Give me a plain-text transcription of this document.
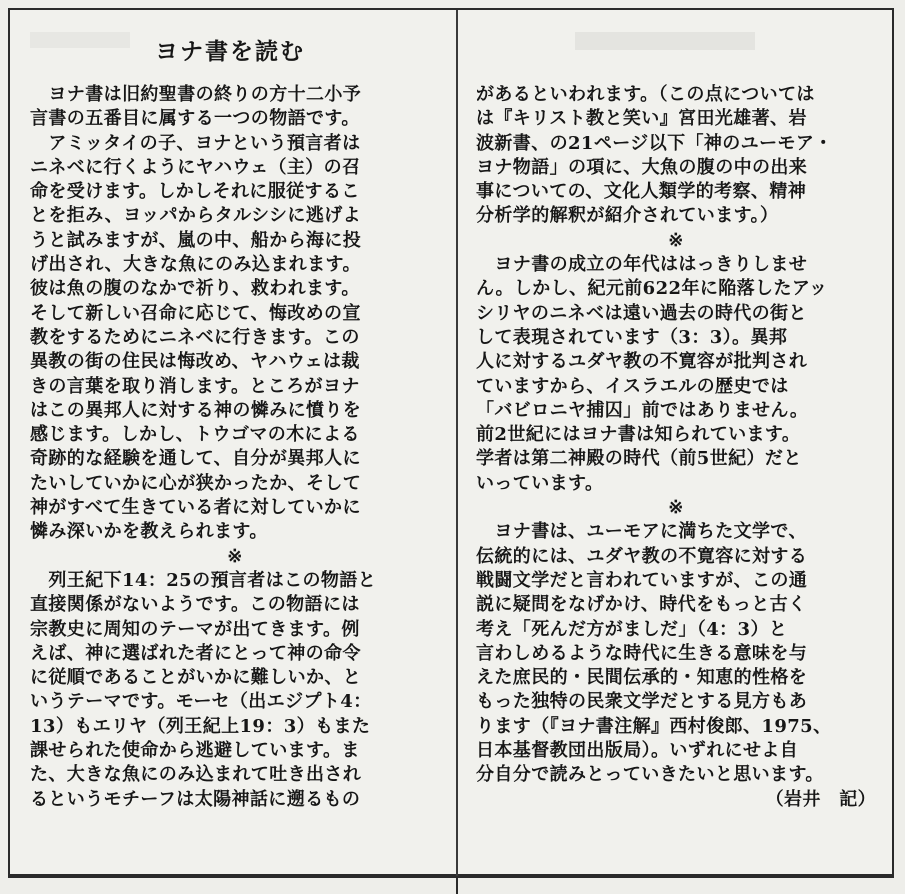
ヨナ書を読む
　ヨナ書は旧約聖書の終りの方十二小予
言書の五番目に属する一つの物語です。
　アミッタイの子、ヨナという預言者は
ニネベに行くようにヤハウェ（主）の召
命を受けます。しかしそれに服従するこ
とを拒み、ヨッパからタルシシに逃げよ
うと試みますが、嵐の中、船から海に投
げ出され、大きな魚にのみ込まれます。
彼は魚の腹のなかで祈り、救われます。
そして新しい召命に応じて、悔改めの宣
教をするためにニネベに行きます。この
異教の街の住民は悔改め、ヤハウェは裁
きの言葉を取り消します。ところがヨナ
はこの異邦人に対する神の憐みに憤りを
感じます。しかし、トウゴマの木による
奇跡的な経験を通して、自分が異邦人に
たいしていかに心が狭かったか、そして
神がすべて生きている者に対していかに
憐み深いかを教えられます。
※
　列王紀下14：25の預言者はこの物語と
直接関係がないようです。この物語には
宗教史に周知のテーマが出てきます。例
えば、神に選ばれた者にとって神の命令
に従順であることがいかに難しいか、と
いうテーマです。モーセ（出エジプト4：
13）もエリヤ（列王紀上19：3）もまた
課せられた使命から逃避しています。ま
た、大きな魚にのみ込まれて吐き出され
るというモチーフは太陽神話に遡るもの
があるといわれます。（この点については
は『キリスト教と笑い』宮田光雄著、岩
波新書、の21ページ以下「神のユーモア・
ヨナ物語」の項に、大魚の腹の中の出来
事についての、文化人類学的考察、精神
分析学的解釈が紹介されています。）
※
　ヨナ書の成立の年代ははっきりしませ
ん。しかし、紀元前622年に陥落したアッ
シリヤのニネベは遠い過去の時代の街と
して表現されています（3：3）。異邦
人に対するユダヤ教の不寛容が批判され
ていますから、イスラエルの歴史では
「バビロニヤ捕囚」前ではありません。
前2世紀にはヨナ書は知られています。
学者は第二神殿の時代（前5世紀）だと
いっています。
※
　ヨナ書は、ユーモアに満ちた文学で、
伝統的には、ユダヤ教の不寛容に対する
戦闘文学だと言われていますが、この通
説に疑問をなげかけ、時代をもっと古く
考え「死んだ方がましだ」（4：3）と
言わしめるような時代に生きる意味を与
えた庶民的・民間伝承的・知恵的性格を
もった独特の民衆文学だとする見方もあ
ります（『ヨナ書注解』西村俊郎、1975、
日本基督教団出版局）。いずれにせよ自
分自分で読みとっていきたいと思います。
（岩井　記）
